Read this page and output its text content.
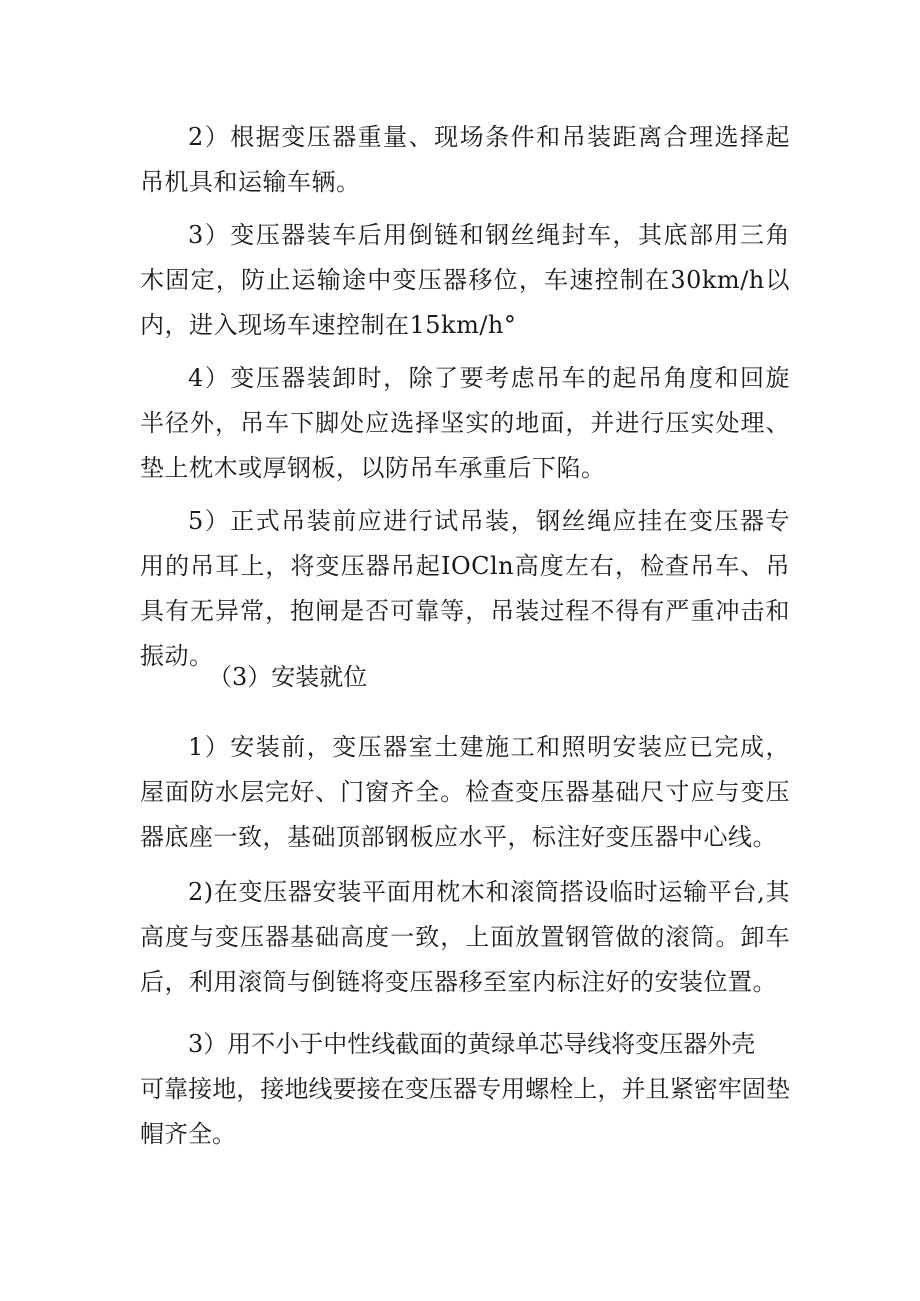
2）根据变压器重量、现场条件和吊装距离合理选择起吊机具和运输车辆。

3）变压器装车后用倒链和钢丝绳封车，其底部用三角木固定，防止运输途中变压器移位，车速控制在30km∕h以内，进入现场车速控制在15km∕h°

4）变压器装卸时，除了要考虑吊车的起吊角度和回旋半径外，吊车下脚处应选择坚实的地面，并进行压实处理、垫上枕木或厚钢板，以防吊车承重后下陷。

5）正式吊装前应进行试吊装，钢丝绳应挂在变压器专用的吊耳上，将变压器吊起IOCln高度左右，检查吊车、吊具有无异常，抱闸是否可靠等，吊装过程不得有严重冲击和振动。

（3）安装就位

1）安装前，变压器室土建施工和照明安装应已完成，屋面防水层完好、门窗齐全。检查变压器基础尺寸应与变压器底座一致，基础顶部钢板应水平，标注好变压器中心线。

2)在变压器安装平面用枕木和滚筒搭设临时运输平台,其高度与变压器基础高度一致，上面放置钢管做的滚筒。卸车后，利用滚筒与倒链将变压器移至室内标注好的安装位置。

3）用不小于中性线截面的黄绿单芯导线将变压器外壳

可靠接地，接地线要接在变压器专用螺栓上，并且紧密牢固垫帽齐全。
